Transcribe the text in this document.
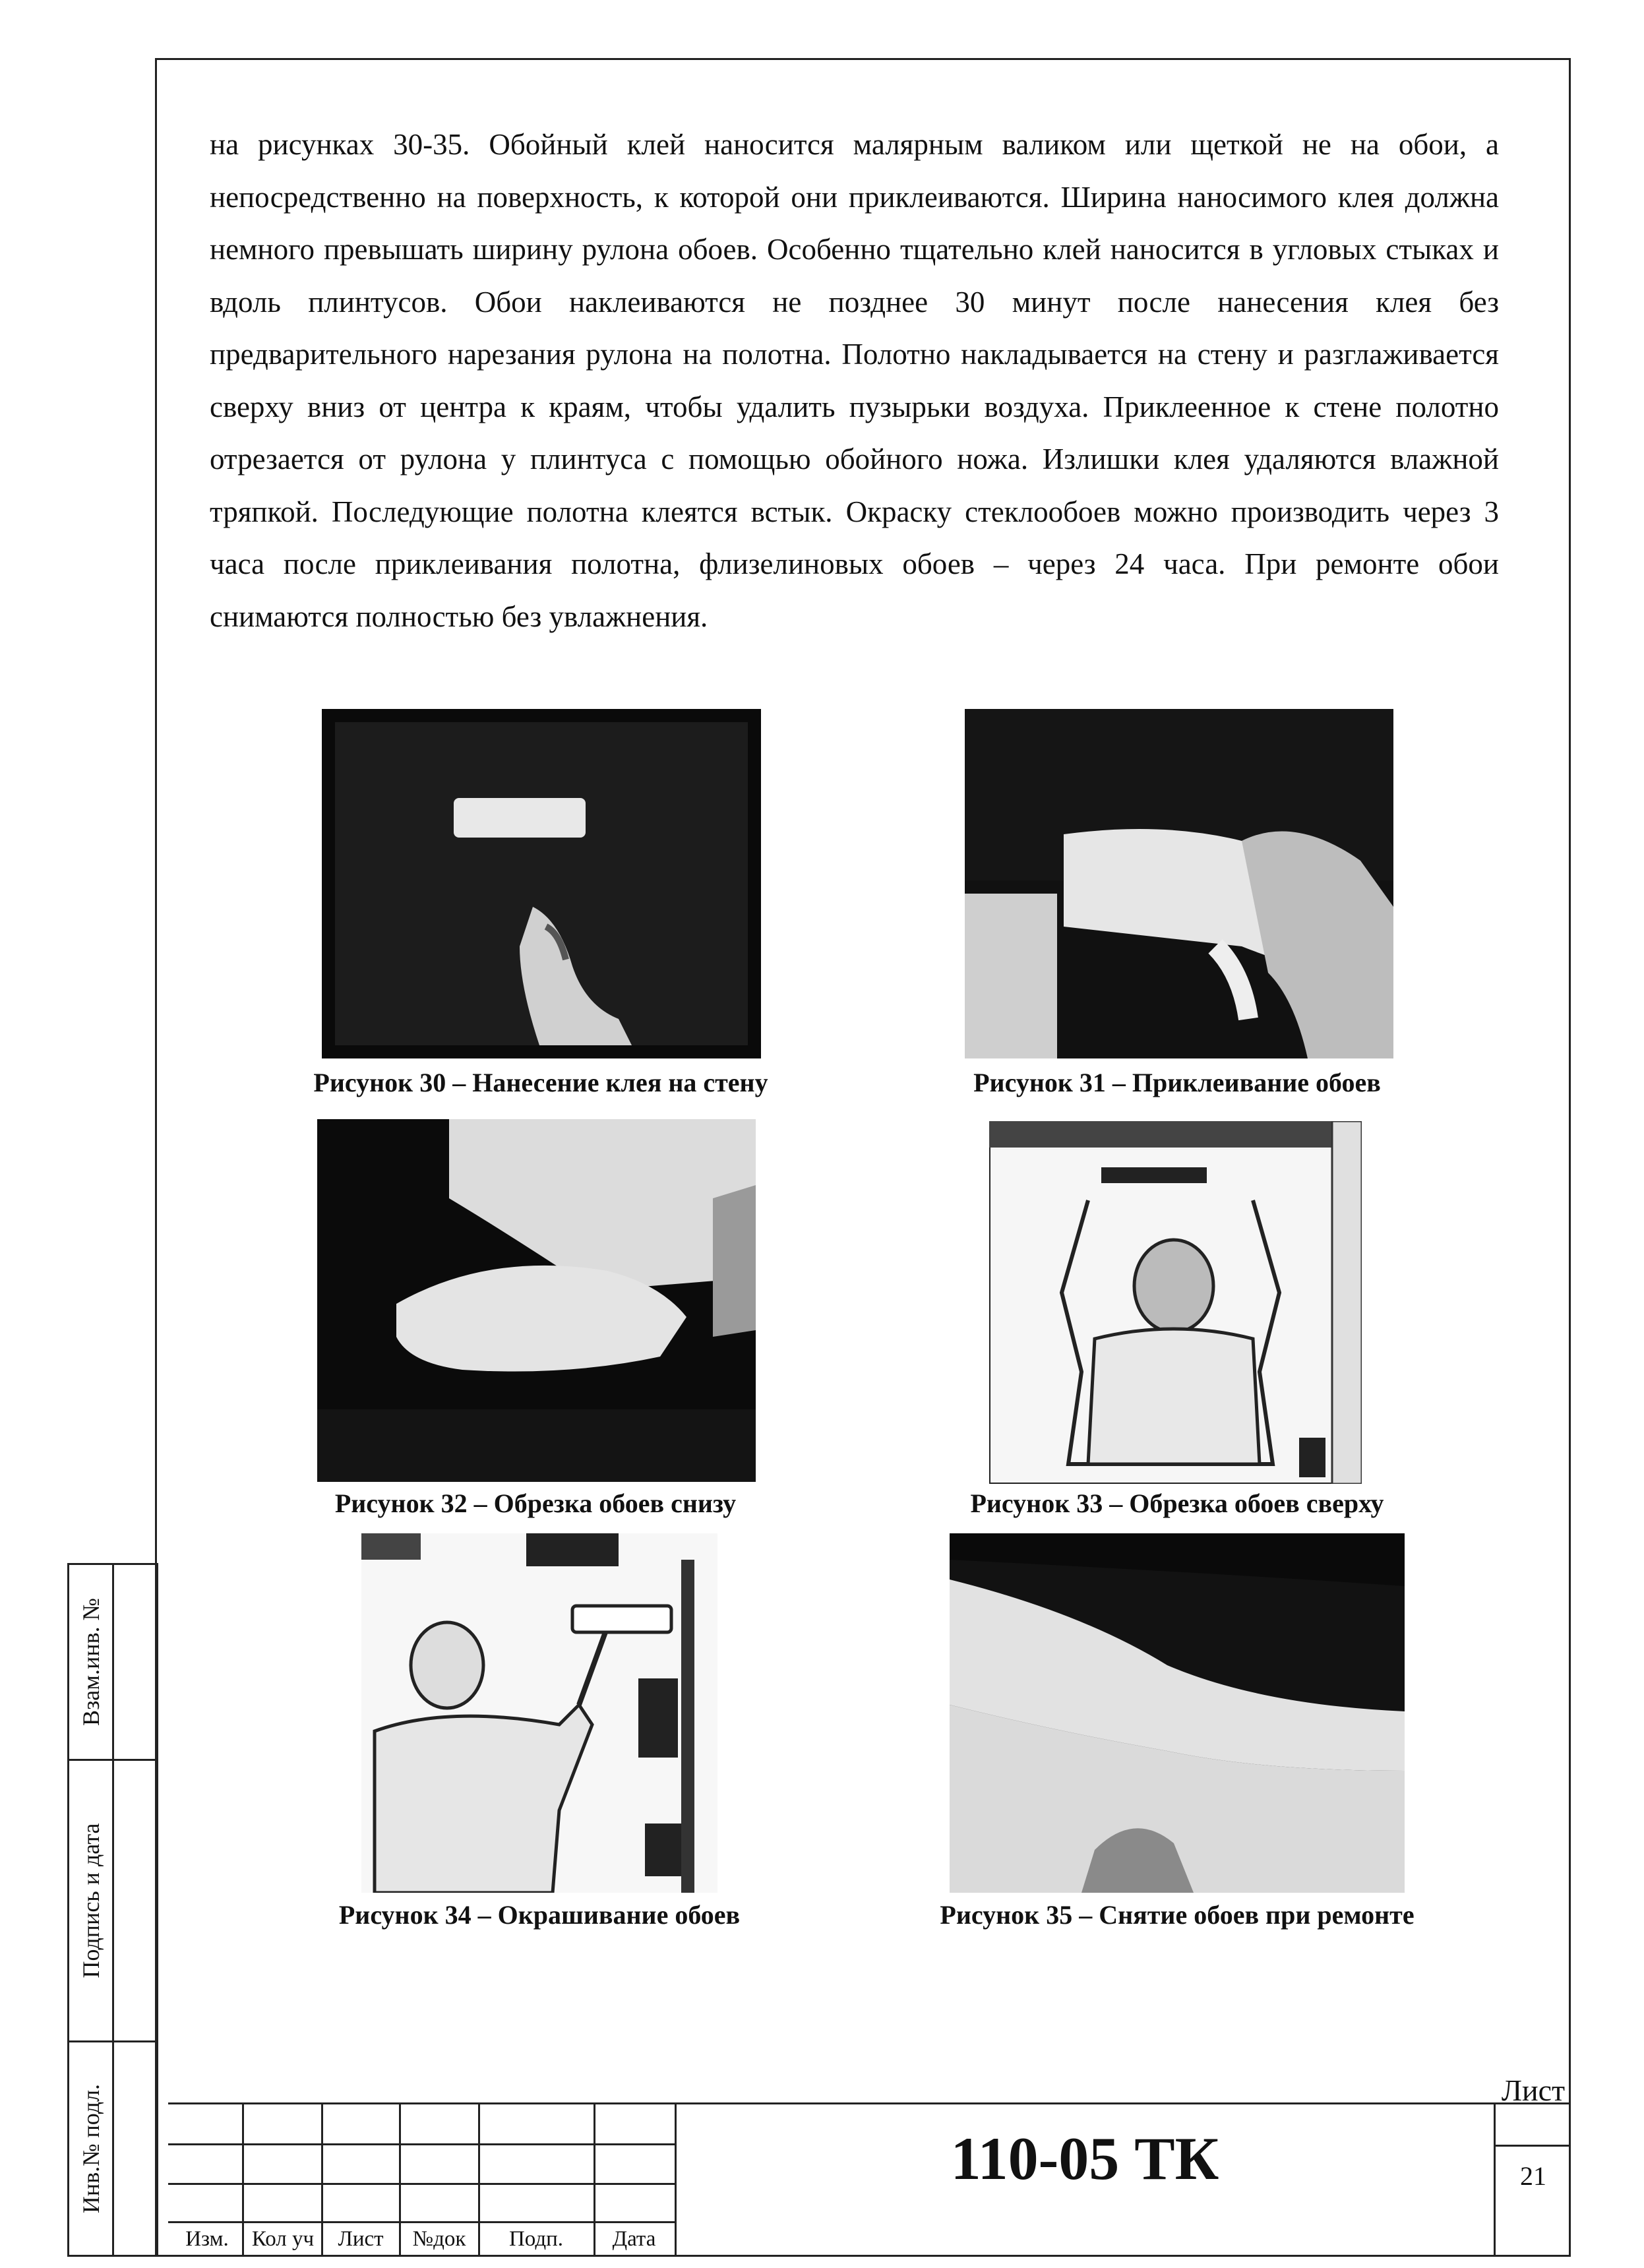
на рисунках 30-35. Обойный клей наносится малярным валиком или щеткой не на обои, а непосредственно на поверхность, к которой они приклеиваются. Ширина наносимого клея должна немного превышать ширину рулона обоев. Особенно тщательно клей наносится в угловых стыках и вдоль плинтусов. Обои наклеиваются не позднее 30 минут после нанесения клея без предварительного нарезания рулона на полотна. Полотно накладывается на стену и разглаживается сверху вниз от центра к краям, чтобы удалить пузырьки воздуха. Приклеенное к стене полотно отрезается от рулона у плинтуса с помощью обойного ножа. Излишки клея удаляются влажной тряпкой. Последующие полотна клеятся встык. Окраску стеклообоев можно производить через 3 часа после приклеивания полотна, флизелиновых обоев – через 24 часа. При ремонте обои снимаются полностью без увлажнения.

Рисунок 30 – Нанесение клея на стену	Рисунок 31 – Приклеивание обоев
Рисунок 32 – Обрезка обоев снизу	Рисунок 33 – Обрезка обоев сверху
Рисунок 34 – Окрашивание обоев	Рисунок 35 – Снятие обоев при ремонте
Взам.инв. №
Подпись и дата
Инв.№ подл.
Изм.	Кол уч	Лист	№док	Подп.	Дата
110-05 ТК
Лист
21
